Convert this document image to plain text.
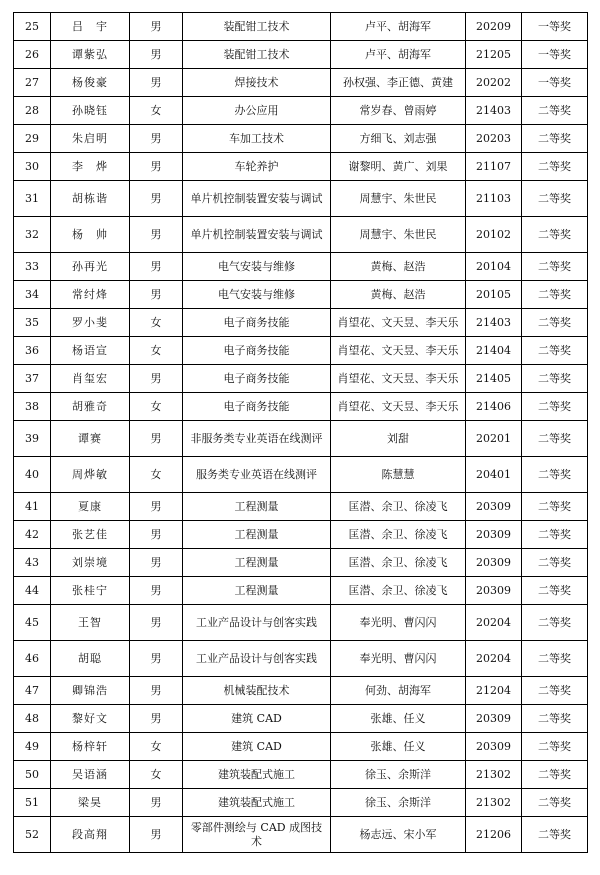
25	吕　宇	男	装配钳工技术	卢平、胡海军	20209	一等奖
26	谭紫弘	男	装配钳工技术	卢平、胡海军	21205	一等奖
27	杨俊豪	男	焊接技术	孙权强、李正德、黄建	20202	一等奖
28	孙晓钰	女	办公应用	常岁春、曾雨婷	21403	二等奖
29	朱启明	男	车加工技术	方细飞、刘志强	20203	二等奖
30	李　烨	男	车轮养护	谢黎明、黄广、刘果	21107	二等奖
31	胡栋谐	男	单片机控制装置安装与调试	周慧宇、朱世民	21103	二等奖
32	杨　帅	男	单片机控制装置安装与调试	周慧宇、朱世民	20102	二等奖
33	孙再光	男	电气安装与维修	黄梅、赵浩	20104	二等奖
34	常纣烽	男	电气安装与维修	黄梅、赵浩	20105	二等奖
35	罗小斐	女	电子商务技能	肖望花、文天昱、李天乐	21403	二等奖
36	杨语宣	女	电子商务技能	肖望花、文天昱、李天乐	21404	二等奖
37	肖玺宏	男	电子商务技能	肖望花、文天昱、李天乐	21405	二等奖
38	胡雅奇	女	电子商务技能	肖望花、文天昱、李天乐	21406	二等奖
39	谭赛	男	非服务类专业英语在线测评	刘甜	20201	二等奖
40	周烨敏	女	服务类专业英语在线测评	陈慧慧	20401	二等奖
41	夏康	男	工程测量	匡潜、余卫、徐凌飞	20309	二等奖
42	张艺佳	男	工程测量	匡潜、余卫、徐凌飞	20309	二等奖
43	刘崇境	男	工程测量	匡潜、余卫、徐凌飞	20309	二等奖
44	张桂宁	男	工程测量	匡潜、余卫、徐凌飞	20309	二等奖
45	王智	男	工业产品设计与创客实践	奉光明、曹闪闪	20204	二等奖
46	胡聪	男	工业产品设计与创客实践	奉光明、曹闪闪	20204	二等奖
47	卿锦浩	男	机械装配技术	何劲、胡海军	21204	二等奖
48	黎好文	男	建筑 CAD	张雄、任义	20309	二等奖
49	杨梓轩	女	建筑 CAD	张雄、任义	20309	二等奖
50	吴语涵	女	建筑装配式施工	徐玉、余斯洋	21302	二等奖
51	梁昊	男	建筑装配式施工	徐玉、余斯洋	21302	二等奖
52	段高翔	男	零部件测绘与 CAD 成图技术	杨志远、宋小军	21206	二等奖
